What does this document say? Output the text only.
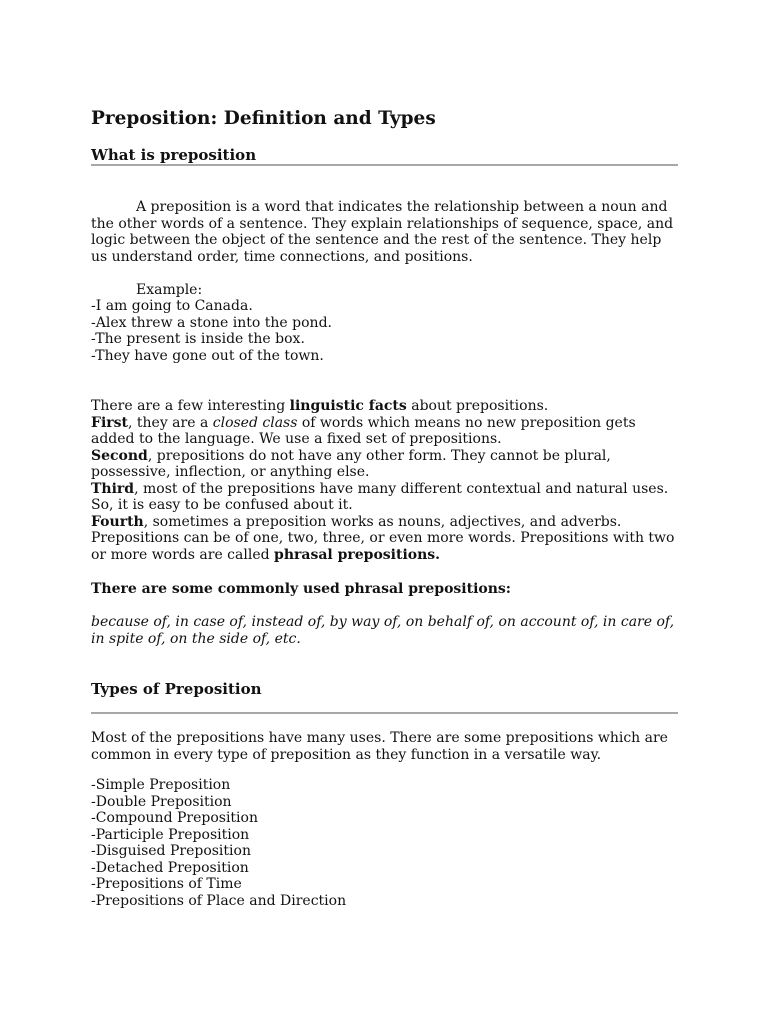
Preposition: Definition and Types
What is preposition

A preposition is a word that indicates the relationship between a noun and the other words of a sentence. They explain relationships of sequence, space, and logic between the object of the sentence and the rest of the sentence. They help us understand order, time connections, and positions.

Example:
-I am going to Canada.
-Alex threw a stone into the pond.
-The present is inside the box.
-They have gone out of the town.
There are a few interesting linguistic facts about prepositions.
First, they are a closed class of words which means no new preposition gets added to the language. We use a fixed set of prepositions.
Second, prepositions do not have any other form. They cannot be plural, possessive, inflection, or anything else.
Third, most of the prepositions have many different contextual and natural uses. So, it is easy to be confused about it.
Fourth, sometimes a preposition works as nouns, adjectives, and adverbs.
Prepositions can be of one, two, three, or even more words. Prepositions with two or more words are called phrasal prepositions.
There are some commonly used phrasal prepositions:
because of, in case of, instead of, by way of, on behalf of, on account of, in care of, in spite of, on the side of, etc.
Types of Preposition

Most of the prepositions have many uses. There are some prepositions which are common in every type of preposition as they function in a versatile way.

-Simple Preposition
-Double Preposition
-Compound Preposition
-Participle Preposition
-Disguised Preposition
-Detached Preposition
-Prepositions of Time
-Prepositions of Place and Direction
